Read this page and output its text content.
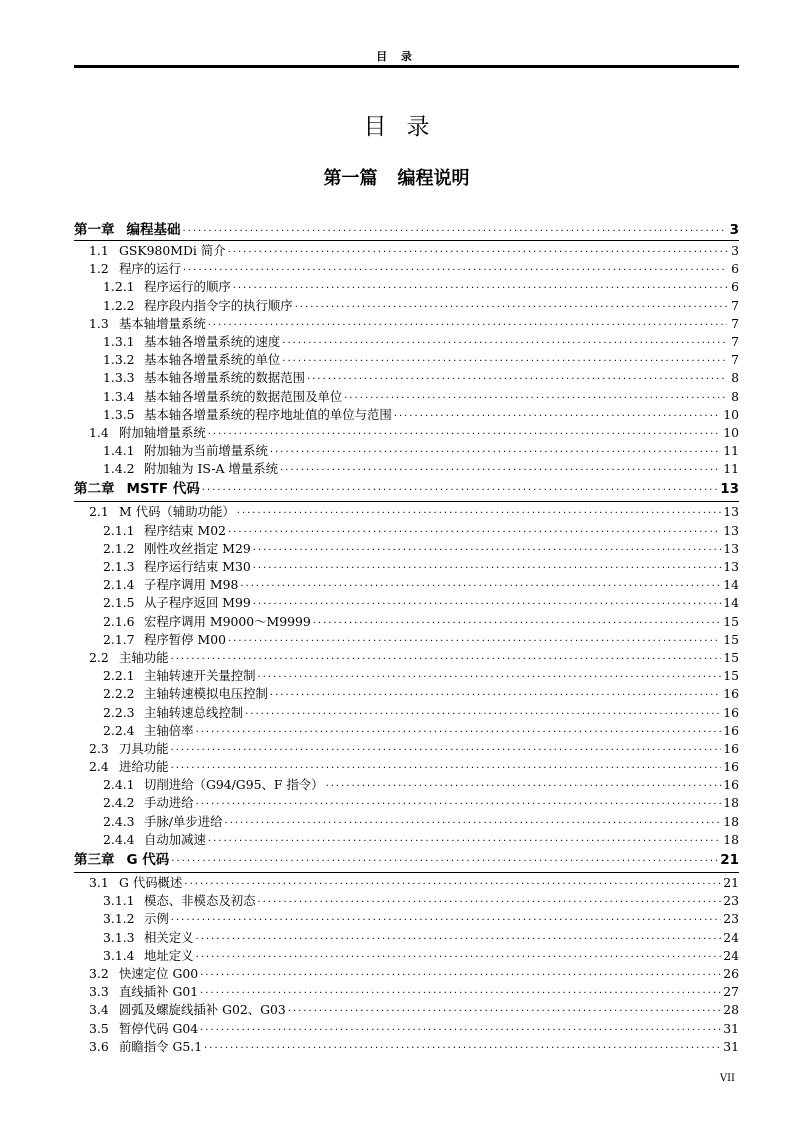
目 录
目录
第一篇 编程说明
第一章 编程基础 ·····	3
1.1 GSK980MDi 简介 ·····	3
1.2 程序的运行 ·····	6
1.2.1 程序运行的顺序 ·····	6
1.2.2 程序段内指令字的执行顺序 ·····	7
1.3 基本轴增量系统 ·····	7
1.3.1 基本轴各增量系统的速度 ·····	7
1.3.2 基本轴各增量系统的单位 ·····	7
1.3.3 基本轴各增量系统的数据范围 ·····	8
1.3.4 基本轴各增量系统的数据范围及单位 ·····	8
1.3.5 基本轴各增量系统的程序地址值的单位与范围 ·····	10
1.4 附加轴增量系统 ·····	10
1.4.1 附加轴为当前增量系统 ·····	11
1.4.2 附加轴为 IS-A 增量系统 ·····	11
第二章 MSTF 代码 ·····	13
2.1 M 代码（辅助功能） ·····	13
2.1.1 程序结束 M02 ·····	13
2.1.2 刚性攻丝指定 M29 ·····	13
2.1.3 程序运行结束 M30 ·····	13
2.1.4 子程序调用 M98 ·····	14
2.1.5 从子程序返回 M99 ·····	14
2.1.6 宏程序调用 M9000～M9999 ·····	15
2.1.7 程序暂停 M00 ·····	15
2.2 主轴功能 ·····	15
2.2.1 主轴转速开关量控制 ·····	15
2.2.2 主轴转速模拟电压控制 ·····	16
2.2.3 主轴转速总线控制 ·····	16
2.2.4 主轴倍率 ·····	16
2.3 刀具功能 ·····	16
2.4 进给功能 ·····	16
2.4.1 切削进给（G94/G95、F 指令） ·····	16
2.4.2 手动进给 ·····	18
2.4.3 手脉/单步进给 ·····	18
2.4.4 自动加减速 ·····	18
第三章 G 代码 ·····	21
3.1 G 代码概述 ·····	21
3.1.1 模态、非模态及初态 ·····	23
3.1.2 示例 ·····	23
3.1.3 相关定义 ·····	24
3.1.4 地址定义 ·····	24
3.2 快速定位 G00 ·····	26
3.3 直线插补 G01 ·····	27
3.4 圆弧及螺旋线插补 G02、G03 ·····	28
3.5 暂停代码 G04 ·····	31
3.6 前瞻指令 G5.1 ·····	31
VII
